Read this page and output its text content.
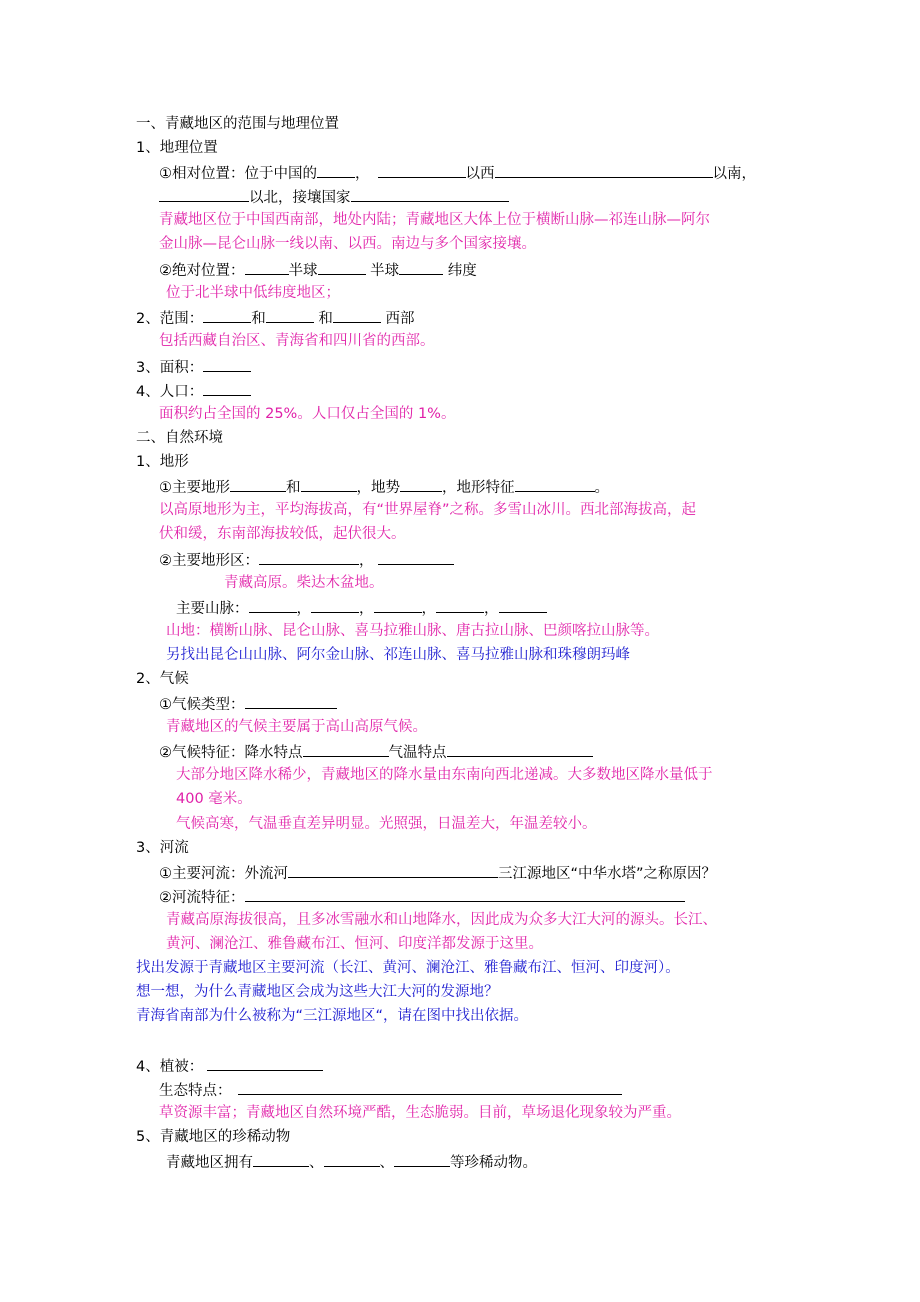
一、青藏地区的范围与地理位置
1、地理位置
①相对位置：位于中国的	，	以西	以南，
以北，接壤国家
青藏地区位于中国西南部，地处内陆；青藏地区大体上位于横断山脉—祁连山脉—阿尔
金山脉—昆仑山脉一线以南、以西。南边与多个国家接壤。
②绝对位置：	半球	半球	纬度
位于北半球中低纬度地区；
2、范围：	和	和	西部
包括西藏自治区、青海省和四川省的西部。
3、面积：
4、人口：
面积约占全国的 25%。人口仅占全国的 1%。
二、自然环境
1、地形
①主要地形	和	，地势	，地形特征	。
以高原地形为主，平均海拔高，有“世界屋脊”之称。多雪山冰川。西北部海拔高，起
伏和缓，东南部海拔较低，起伏很大。
②主要地形区：	，
青藏高原。柴达木盆地。
主要山脉：	，	，	，	，
山地：横断山脉、昆仑山脉、喜马拉雅山脉、唐古拉山脉、巴颜喀拉山脉等。
另找出昆仑山山脉、阿尔金山脉、祁连山脉、喜马拉雅山脉和珠穆朗玛峰
2、气候
①气候类型：
青藏地区的气候主要属于高山高原气候。
②气候特征：降水特点	气温特点
大部分地区降水稀少，青藏地区的降水量由东南向西北递减。大多数地区降水量低于
400 毫米。
气候高寒，气温垂直差异明显。光照强，日温差大，年温差较小。
3、河流
①主要河流：外流河	三江源地区“中华水塔”之称原因？
②河流特征：
青藏高原海拔很高，且多冰雪融水和山地降水，因此成为众多大江大河的源头。长江、
黄河、澜沧江、雅鲁藏布江、恒河、印度洋都发源于这里。
找出发源于青藏地区主要河流（长江、黄河、澜沧江、雅鲁藏布江、恒河、印度河）。
想一想，为什么青藏地区会成为这些大江大河的发源地？
青海省南部为什么被称为“三江源地区“，请在图中找出依据。
4、植被：
生态特点：
草资源丰富；青藏地区自然环境严酷，生态脆弱。目前，草场退化现象较为严重。
5、青藏地区的珍稀动物
青藏地区拥有	、	、	等珍稀动物。
